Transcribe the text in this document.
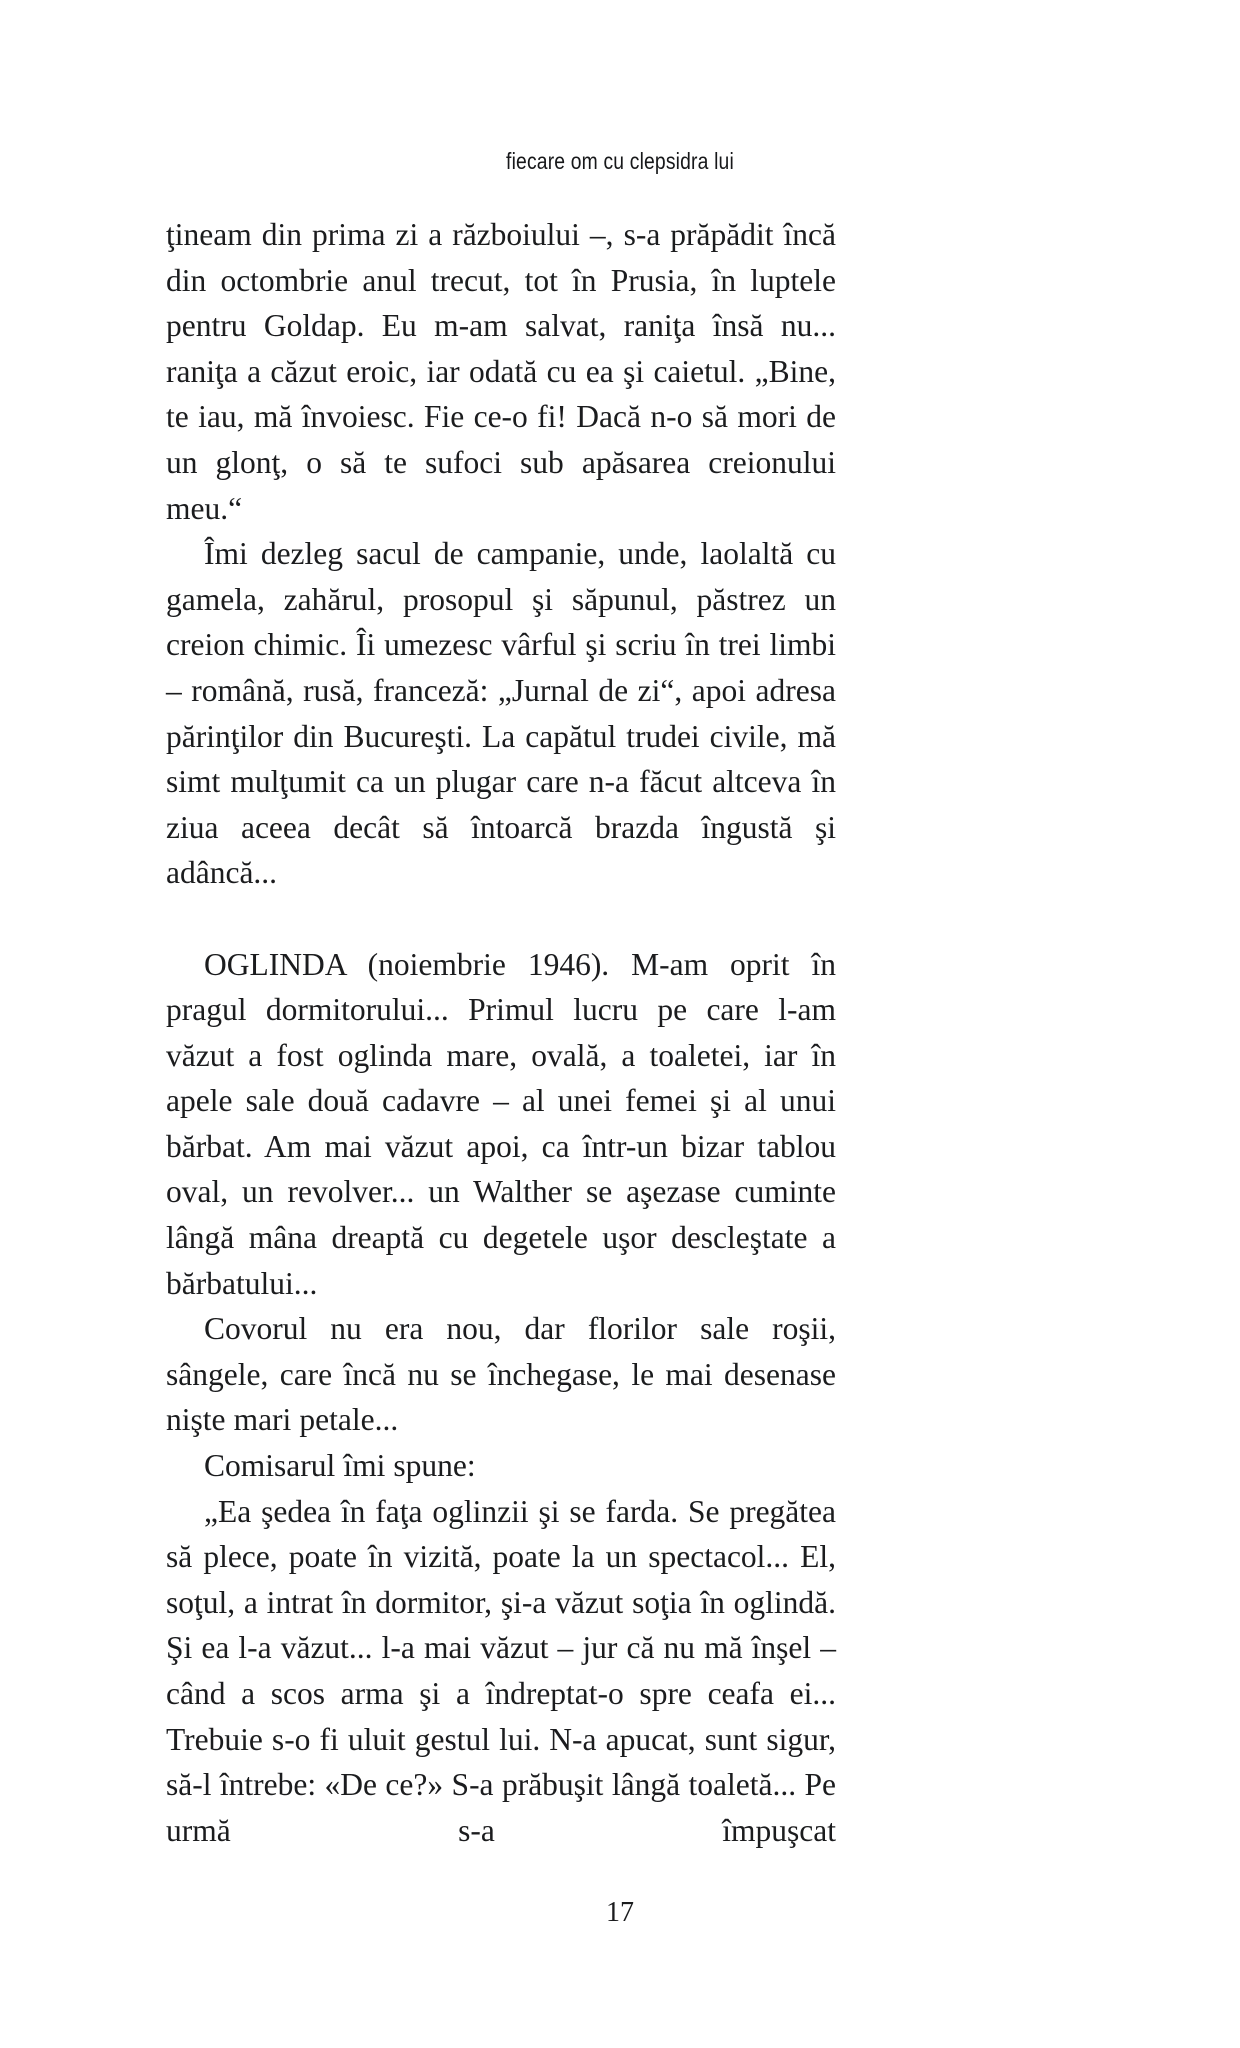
fiecare om cu clepsidra lui

ţineam din prima zi a războiului –, s-a prăpădit încă din octombrie anul trecut, tot în Prusia, în luptele pentru Goldap. Eu m-am salvat, raniţa însă nu... raniţa a căzut eroic, iar odată cu ea şi caietul. „Bine, te iau, mă învoiesc. Fie ce-o fi! Dacă n-o să mori de un glonţ, o să te sufoci sub apăsarea creionului meu.“

Îmi dezleg sacul de campanie, unde, laolaltă cu gamela, zahărul, prosopul şi săpunul, păstrez un creion chimic. Îi umezesc vârful şi scriu în trei limbi – română, rusă, franceză: „Jurnal de zi“, apoi adresa părinţilor din Bucureşti. La capătul trudei civile, mă simt mulţumit ca un plugar care n-a făcut altceva în ziua aceea decât să întoarcă brazda îngustă şi adâncă...

OGLINDA (noiembrie 1946). M-am oprit în pragul dormitorului... Primul lucru pe care l-am văzut a fost oglinda mare, ovală, a toaletei, iar în apele sale două cadavre – al unei femei şi al unui bărbat. Am mai văzut apoi, ca într-un bizar tablou oval, un revolver... un Walther se aşezase cuminte lângă mâna dreaptă cu degetele uşor descleştate a bărbatului...

Covorul nu era nou, dar florilor sale roşii, sângele, care încă nu se închegase, le mai desenase nişte mari petale...

Comisarul îmi spune:

„Ea şedea în faţa oglinzii şi se farda. Se pregătea să plece, poate în vizită, poate la un spectacol... El, soţul, a intrat în dormitor, şi-a văzut soţia în oglindă. Şi ea l-a văzut... l-a mai văzut – jur că nu mă înşel – când a scos arma şi a îndreptat-o spre ceafa ei... Trebuie s-o fi uluit gestul lui. N-a apucat, sunt sigur, să-l întrebe: «De ce?» S-a prăbuşit lângă toaletă... Pe urmă s-a împuşcat

17
